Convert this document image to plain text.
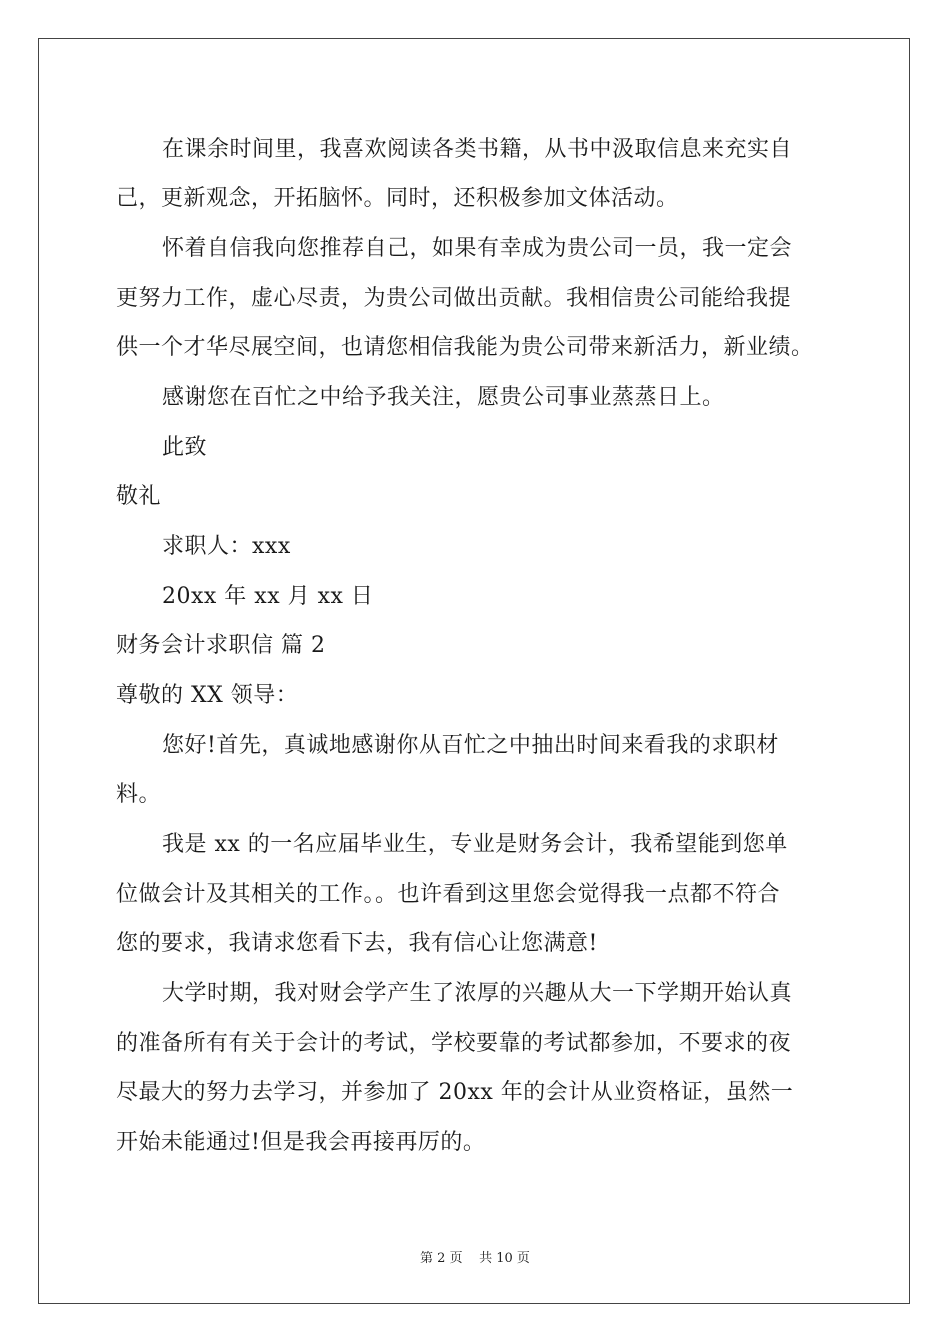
在课余时间里，我喜欢阅读各类书籍，从书中汲取信息来充实自
己，更新观念，开拓脑怀。同时，还积极参加文体活动。
怀着自信我向您推荐自己，如果有幸成为贵公司一员，我一定会
更努力工作，虚心尽责，为贵公司做出贡献。我相信贵公司能给我提
供一个才华尽展空间，也请您相信我能为贵公司带来新活力，新业绩。
感谢您在百忙之中给予我关注，愿贵公司事业蒸蒸日上。
此致
敬礼
求职人：xxx
20xx 年 xx 月 xx 日
财务会计求职信 篇 2
尊敬的 XX 领导：
您好!首先，真诚地感谢你从百忙之中抽出时间来看我的求职材
料。
我是 xx 的一名应届毕业生，专业是财务会计，我希望能到您单
位做会计及其相关的工作。。也许看到这里您会觉得我一点都不符合
您的要求，我请求您看下去，我有信心让您满意!
大学时期，我对财会学产生了浓厚的兴趣从大一下学期开始认真
的准备所有有关于会计的考试，学校要靠的考试都参加，不要求的夜
尽最大的努力去学习，并参加了 20xx 年的会计从业资格证，虽然一
开始未能通过!但是我会再接再厉的。
第 2 页 共 10 页
